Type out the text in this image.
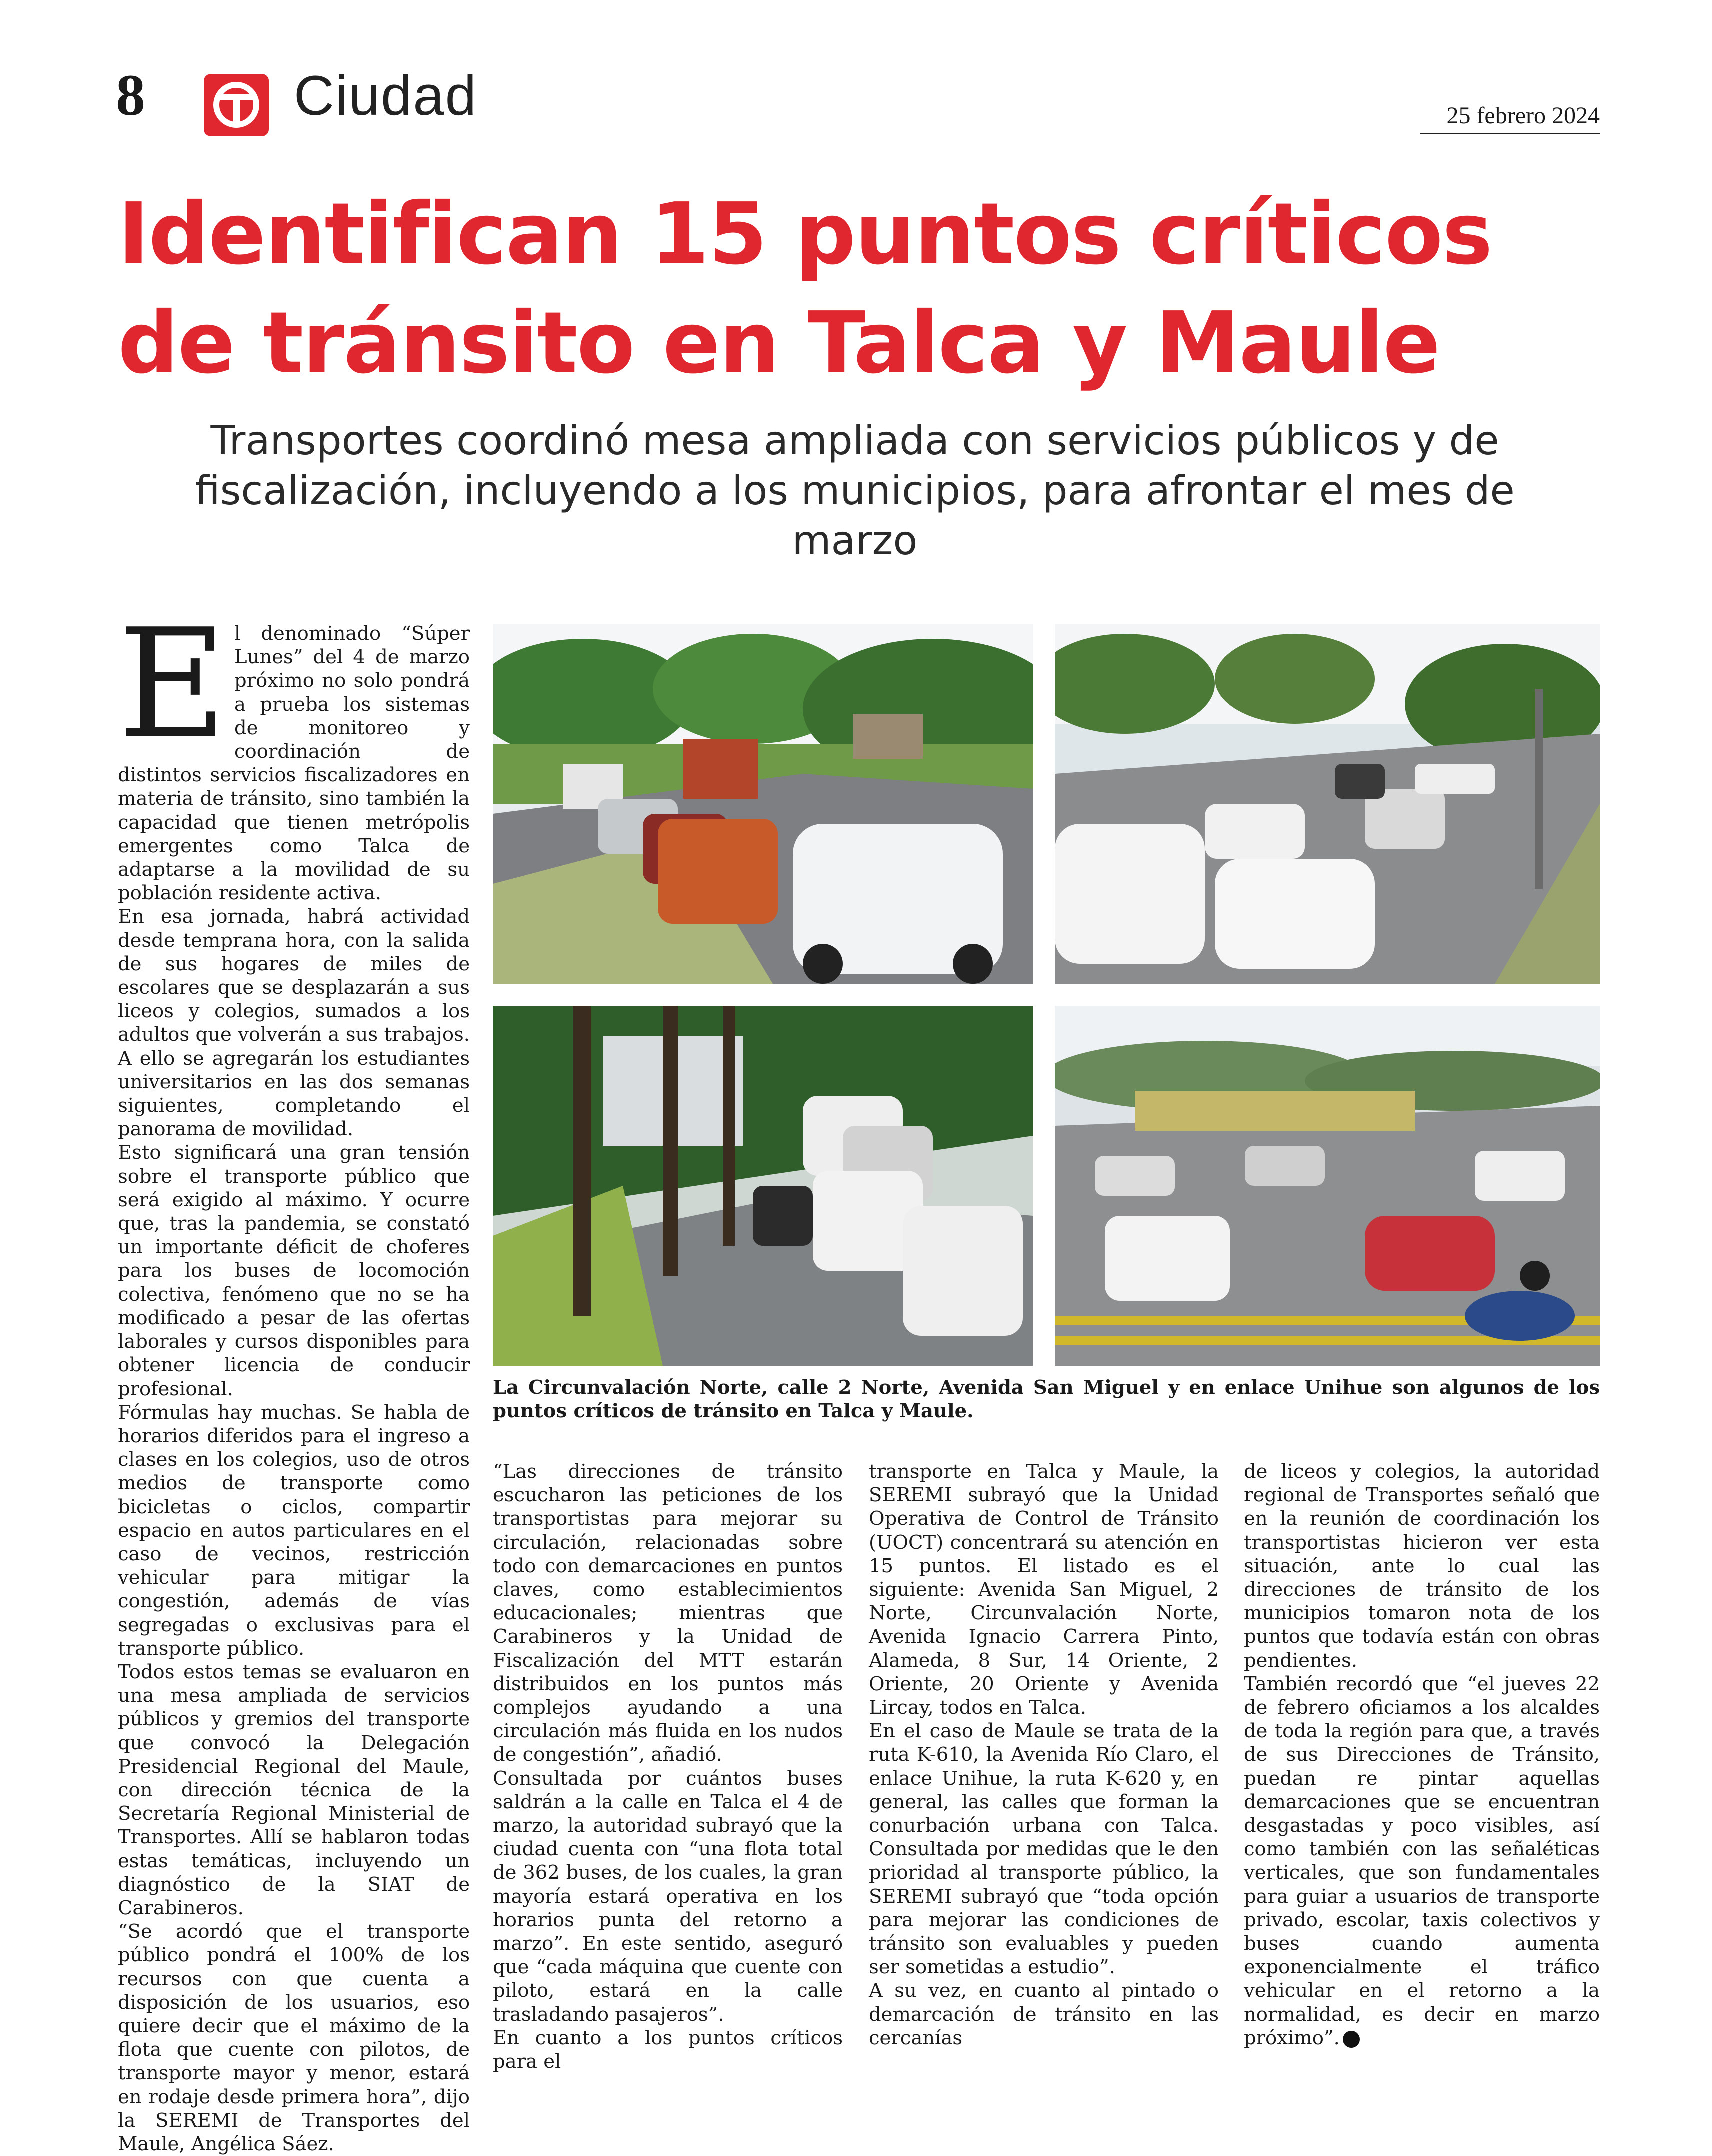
8	Ciudad	25 febrero 2024
Identifican 15 puntos críticos
de tránsito en Talca y Maule
Transportes coordinó mesa ampliada con servicios públicos y de fiscalización, incluyendo a los municipios, para afrontar el mes de marzo

El denominado “Súper Lunes” del 4 de marzo próximo no solo pondrá a prueba los sistemas de monitoreo y coordinación de distintos servicios fiscalizadores en materia de tránsito, sino también la capacidad que tienen metrópolis emergentes como Talca de adaptarse a la movilidad de su población residente activa.

En esa jornada, habrá actividad desde temprana hora, con la salida de sus hogares de miles de escolares que se desplazarán a sus liceos y colegios, sumados a los adultos que volverán a sus trabajos. A ello se agregarán los estudiantes universitarios en las dos semanas siguientes, completando el panorama de movilidad.

Esto significará una gran tensión sobre el transporte público que será exigido al máximo. Y ocurre que, tras la pandemia, se constató un importante déficit de choferes para los buses de locomoción colectiva, fenómeno que no se ha modificado a pesar de las ofertas laborales y cursos disponibles para obtener licencia de conducir profesional.

Fórmulas hay muchas. Se habla de horarios diferidos para el ingreso a clases en los colegios, uso de otros medios de transporte como bicicletas o ciclos, compartir espacio en autos particulares en el caso de vecinos, restricción vehicular para mitigar la congestión, además de vías segregadas o exclusivas para el transporte público.

Todos estos temas se evaluaron en una mesa ampliada de servicios públicos y gremios del transporte que convocó la Delegación Presidencial Regional del Maule, con dirección técnica de la Secretaría Regional Ministerial de Transportes. Allí se hablaron todas estas temáticas, incluyendo un diagnóstico de la SIAT de Carabineros.

“Se acordó que el transporte público pondrá el 100% de los recursos con que cuenta a disposición de los usuarios, eso quiere decir que el máximo de la flota que cuente con pilotos, de transporte mayor y menor, estará en rodaje desde primera hora”, dijo la SEREMI de Transportes del Maule, Angélica Sáez.

La Circunvalación Norte, calle 2 Norte, Avenida San Miguel y en enlace Unihue son algunos de los puntos críticos de tránsito en Talca y Maule.

“Las direcciones de tránsito escucharon las peticiones de los transportistas para mejorar su circulación, relacionadas sobre todo con demarcaciones en puntos claves, como establecimientos educacionales; mientras que Carabineros y la Unidad de Fiscalización del MTT estarán distribuidos en los puntos más complejos ayudando a una circulación más fluida en los nudos de congestión”, añadió.

Consultada por cuántos buses saldrán a la calle en Talca el 4 de marzo, la autoridad subrayó que la ciudad cuenta con “una flota total de 362 buses, de los cuales, la gran mayoría estará operativa en los horarios punta del retorno a marzo”. En este sentido, aseguró que “cada máquina que cuente con piloto, estará en la calle trasladando pasajeros”.

En cuanto a los puntos críticos para el

transporte en Talca y Maule, la SEREMI subrayó que la Unidad Operativa de Control de Tránsito (UOCT) concentrará su atención en 15 puntos. El listado es el siguiente: Avenida San Miguel, 2 Norte, Circunvalación Norte, Avenida Ignacio Carrera Pinto, Alameda, 8 Sur, 14 Oriente, 2 Oriente, 20 Oriente y Avenida Lircay, todos en Talca.

En el caso de Maule se trata de la ruta K-610, la Avenida Río Claro, el enlace Unihue, la ruta K-620 y, en general, las calles que forman la conurbación urbana con Talca. Consultada por medidas que le den prioridad al transporte público, la SEREMI subrayó que “toda opción para mejorar las condiciones de tránsito son evaluables y pueden ser sometidas a estudio”.

A su vez, en cuanto al pintado o demarcación de tránsito en las cercanías

de liceos y colegios, la autoridad regional de Transportes señaló que en la reunión de coordinación los transportistas hicieron ver esta situación, ante lo cual las direcciones de tránsito de los municipios tomaron nota de los puntos que todavía están con obras pendientes.

También recordó que “el jueves 22 de febrero oficiamos a los alcaldes de toda la región para que, a través de sus Direcciones de Tránsito, puedan re pintar aquellas demarcaciones que se encuentran desgastadas y poco visibles, así como también con las señaléticas verticales, que son fundamentales para guiar a usuarios de transporte privado, escolar, taxis colectivos y buses cuando aumenta exponencialmente el tráfico vehicular en el retorno a la normalidad, es decir en marzo próximo”.
